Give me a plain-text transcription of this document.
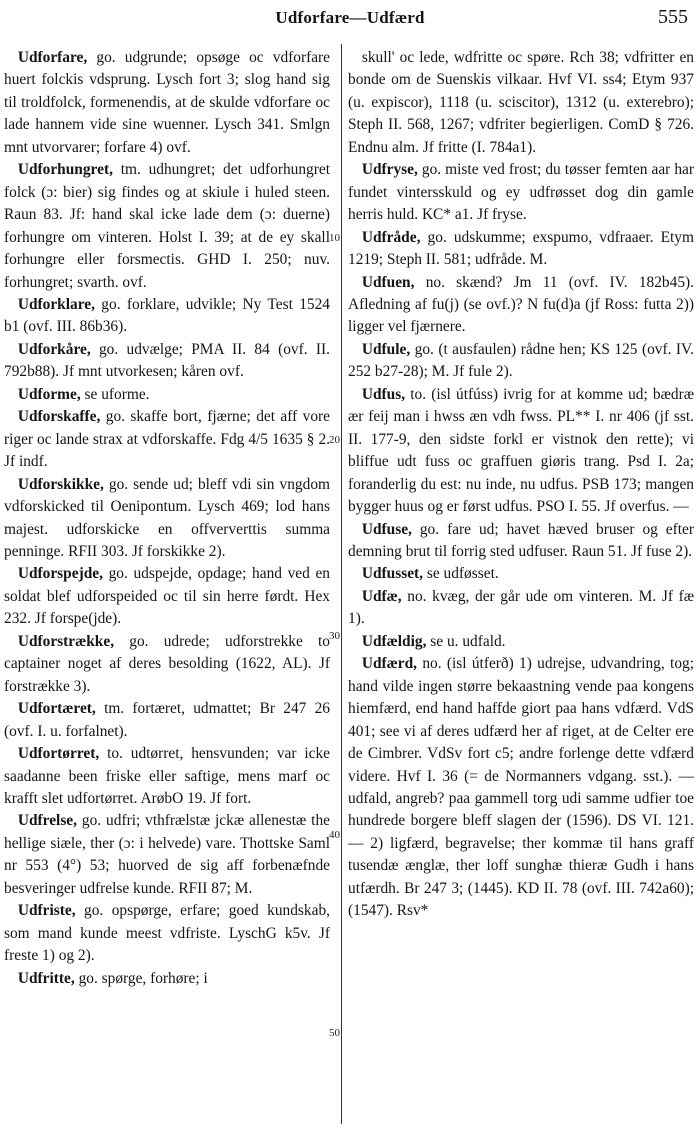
Udforfare—Udfærd	555
10
20
30
40
50

Udforfare, go. udgrunde; opsøge oc vdforfare huert folckis vdsprung. Lysch fort 3; slog hand sig til troldfolck, formenendis, at de skulde vdforfare oc lade hannem vide sine wuenner. Lysch 341. Smlgn mnt utvorvarer; forfare 4) ovf.

Udforhungret, tm. udhungret; det udforhungret folck (ɔ: bier) sig findes og at skiule i huled steen. Raun 83. Jf: hand skal icke lade dem (ɔ: duerne) forhungre om vinteren. Holst I. 39; at de ey skall forhungre eller forsmectis. GHD I. 250; nuv. forhungret; svarth. ovf.

Udforklare, go. forklare, udvikle; Ny Test 1524 b1 (ovf. III. 86b36).

Udforkåre, go. udvælge; PMA II. 84 (ovf. II. 792b88). Jf mnt utvorkesen; kåren ovf.

Udforme, se uforme.

Udforskaffe, go. skaffe bort, fjærne; det aff vore riger oc lande strax at vdforskaffe. Fdg 4/5 1635 § 2. Jf indf.

Udforskikke, go. sende ud; bleff vdi sin vngdom vdforskicked til Oenipontum. Lysch 469; lod hans majest. udforskicke en offververttis summa penninge. RFII 303. Jf forskikke 2).

Udforspejde, go. udspejde, opdage; hand ved en soldat blef udforspeided oc til sin herre førdt. Hex 232. Jf forspe(jde).

Udforstrække, go. udrede; udforstrekke to captainer noget af deres besolding (1622, AL). Jf forstrække 3).

Udfortæret, tm. fortæret, udmattet; Br 247 26 (ovf. I. u. forfalnet).

Udfortørret, to. udtørret, hensvunden; var icke saadanne been friske eller saftige, mens marf oc krafft slet udfortørret. ArøbO 19. Jf fort.

Udfrelse, go. udfri; vthfrælstæ jckæ allenestæ the hellige siæle, ther (ɔ: i helvede) vare. Thottske Saml nr 553 (4°) 53; huorved de sig aff forbenæfnde besveringer udfrelse kunde. RFII 87; M.

Udfriste, go. opspørge, erfare; goed kundskab, som mand kunde meest vdfriste. LyschG k5v. Jf freste 1) og 2).

Udfritte, go. spørge, forhøre; i

skull' oc lede, wdfritte oc spøre. Rch 38; vdfritter en bonde om de Suenskis vilkaar. Hvf VI. ss4; Etym 937 (u. expiscor), 1118 (u. sciscitor), 1312 (u. exterebro); Steph II. 568, 1267; vdfriter begierligen. ComD § 726. Endnu alm. Jf fritte (I. 784a1).

Udfryse, go. miste ved frost; du tøsser femten aar har fundet vintersskuld og ey udfrøsset dog din gamle herris huld. KC* a1. Jf fryse.

Udfråde, go. udskumme; exspumo, vdfraaer. Etym 1219; Steph II. 581; udfråde. M.

Udfuen, no. skænd? Jm 11 (ovf. IV. 182b45). Afledning af fu(j) (se ovf.)? N fu(d)a (jf Ross: futta 2)) ligger vel fjærnere.

Udfule, go. (t ausfaulen) rådne hen; KS 125 (ovf. IV. 252 b27-28); M. Jf fule 2).

Udfus, to. (isl útfúss) ivrig for at komme ud; bædræ ær feij man i hwss æn vdh fwss. PL** I. nr 406 (jf sst. II. 177-9, den sidste forkl er vistnok den rette); vi bliffue udt fuss oc graffuen giøris trang. Psd I. 2a; foranderlig du est: nu inde, nu udfus. PSB 173; mangen bygger huus og er først udfus. PSO I. 55. Jf overfus. —

Udfuse, go. fare ud; havet hæved bruser og efter demning brut til forrig sted udfuser. Raun 51. Jf fuse 2).

Udfusset, se udføsset.

Udfæ, no. kvæg, der går ude om vinteren. M. Jf fæ 1).

Udfældig, se u. udfald.

Udfærd, no. (isl útferð) 1) udrejse, udvandring, tog; hand vilde ingen større bekaastning vende paa kongens hiemfærd, end hand haffde giort paa hans vdfærd. VdS 401; see vi af deres udfærd her af riget, at de Celter ere de Cimbrer. VdSv fort c5; andre forlenge dette vdfærd videre. Hvf I. 36 (= de Normanners vdgang. sst.). — udfald, angreb? paa gammell torg udi samme udfier toe hundrede borgere bleff slagen der (1596). DS VI. 121. — 2) ligfærd, begravelse; ther kommæ til hans graff tusendæ ænglæ, ther loff sunghæ thieræ Gudh i hans utfærdh. Br 247 3; (1445). KD II. 78 (ovf. III. 742a60); (1547). Rsv*
